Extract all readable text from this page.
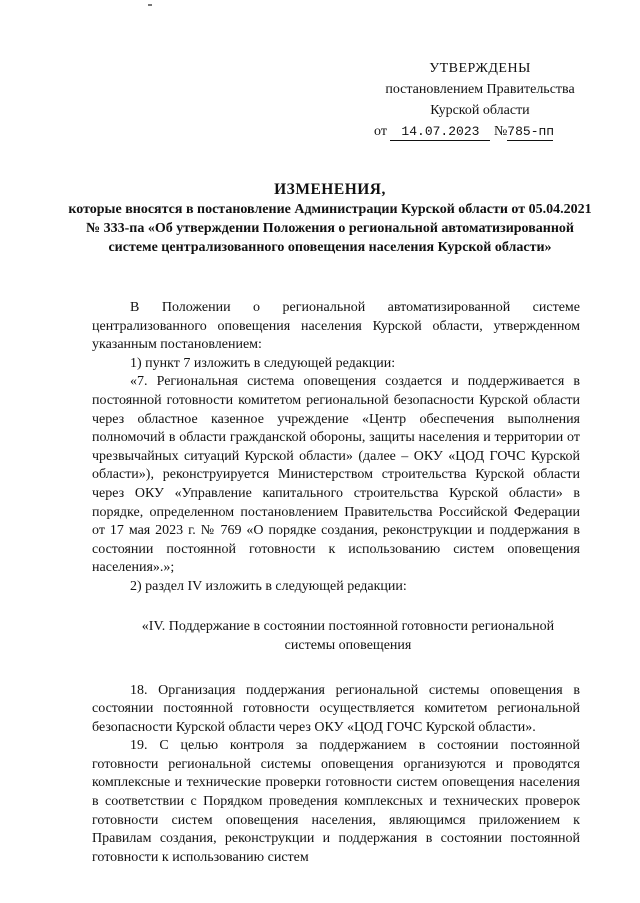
УТВЕРЖДЕНЫ
постановлением Правительства
Курской области
от 14.07.2023 №785-пп
ИЗМЕНЕНИЯ,
которые вносятся в постановление Администрации Курской области от 05.04.2021 № 333-па «Об утверждении Положения о региональной автоматизированной системе централизованного оповещения населения Курской области»

В Положении о региональной автоматизированной системе централизованного оповещения населения Курской области, утвержденном указанным постановлением:

1) пункт 7 изложить в следующей редакции:

«7. Региональная система оповещения создается и поддерживается в постоянной готовности комитетом региональной безопасности Курской области через областное казенное учреждение «Центр обеспечения выполнения полномочий в области гражданской обороны, защиты населения и территории от чрезвычайных ситуаций Курской области» (далее – ОКУ «ЦОД ГОЧС Курской области»), реконструируется Министерством строительства Курской области через ОКУ «Управление капитального строительства Курской области» в порядке, определенном постановлением Правительства Российской Федерации от 17 мая 2023 г. № 769 «О порядке создания, реконструкции и поддержания в состоянии постоянной готовности к использованию систем оповещения населения».»;

2) раздел IV изложить в следующей редакции:

«IV. Поддержание в состоянии постоянной готовности региональной системы оповещения

18. Организация поддержания региональной системы оповещения в состоянии постоянной готовности осуществляется комитетом региональной безопасности Курской области через ОКУ «ЦОД ГОЧС Курской области».

19. С целью контроля за поддержанием в состоянии постоянной готовности региональной системы оповещения организуются и проводятся комплексные и технические проверки готовности систем оповещения населения в соответствии с Порядком проведения комплексных и технических проверок готовности систем оповещения населения, являющимся приложением к Правилам создания, реконструкции и поддержания в состоянии постоянной готовности к использованию систем
